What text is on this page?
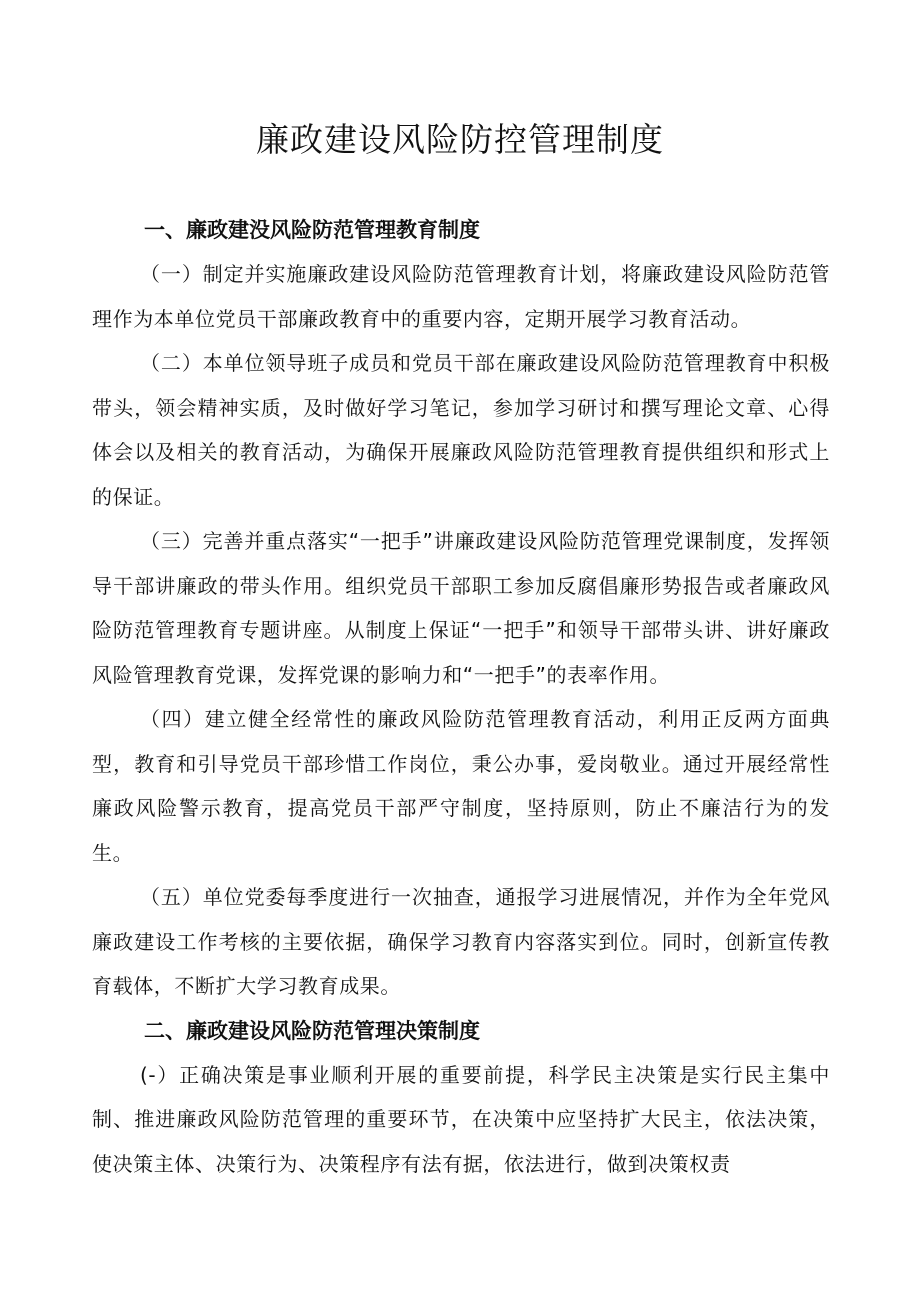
廉政建设风险防控管理制度
一、廉政建没风险防范管理教育制度

（一）制定并实施廉政建设风险防范管理教育计划，将廉政建设风险防范管理作为本单位党员干部廉政教育中的重要内容，定期开展学习教育活动。

（二）本单位领导班子成员和党员干部在廉政建设风险防范管理教育中积极带头，领会精神实质，及时做好学习笔记，参加学习研讨和撰写理论文章、心得体会以及相关的教育活动，为确保开展廉政风险防范管理教育提供组织和形式上的保证。

（三）完善并重点落实“一把手”讲廉政建设风险防范管理党课制度，发挥领导干部讲廉政的带头作用。组织党员干部职工参加反腐倡廉形势报告或者廉政风险防范管理教育专题讲座。从制度上保证“一把手”和领导干部带头讲、讲好廉政风险管理教育党课，发挥党课的影响力和“一把手”的表率作用。

（四）建立健全经常性的廉政风险防范管理教育活动，利用正反两方面典型，教育和引导党员干部珍惜工作岗位，秉公办事，爱岗敬业。通过开展经常性廉政风险警示教育，提高党员干部严守制度，坚持原则，防止不廉洁行为的发生。

（五）单位党委每季度进行一次抽查，通报学习进展情况，并作为全年党风廉政建设工作考核的主要依据，确保学习教育内容落实到位。同时，创新宣传教育载体，不断扩大学习教育成果。

二、廉政建设风险防范管理决策制度

(-）正确决策是事业顺利开展的重要前提，科学民主决策是实行民主集中制、推进廉政风险防范管理的重要环节，在决策中应坚持扩大民主，依法决策，使决策主体、决策行为、决策程序有法有据，依法进行，做到决策权责
